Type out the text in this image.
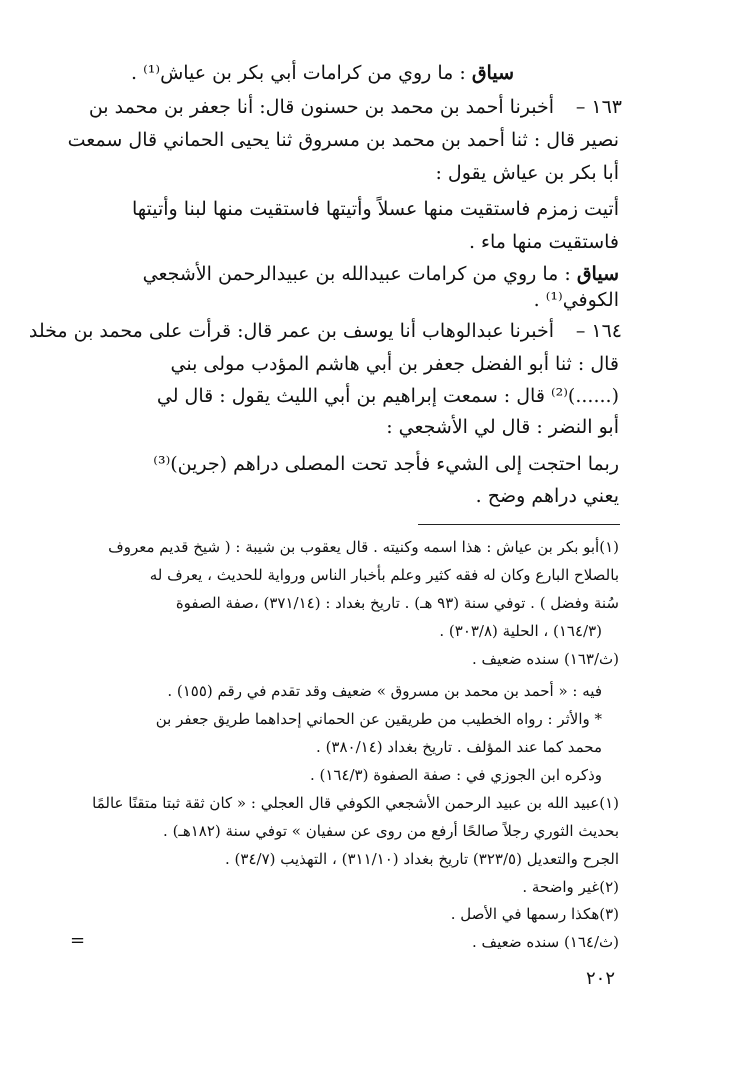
سياق : ما روي من كرامات أبي بكر بن عياش⁽¹⁾ .
١٦٣ –
أخبرنا أحمد بن محمد بن حسنون قال: أنا جعفر بن محمد بن
نصير قال : ثنا أحمد بن محمد بن مسروق ثنا يحيى الحماني قال سمعت
أبا بكر بن عياش يقول :
أتيت زمزم فاستقيت منها عسلاً وأتيتها فاستقيت منها لبنا وأتيتها
فاستقيت منها ماء .
سياق : ما روي من كرامات عبيدالله بن عبيدالرحمن الأشجعي
الكوفي⁽¹⁾ .
١٦٤ –
أخبرنا عبدالوهاب أنا يوسف بن عمر قال: قرأت على محمد بن مخلد
قال : ثنا أبو الفضل جعفر بن أبي هاشم المؤدب مولى بني
(......)⁽²⁾ قال : سمعت إبراهيم بن أبي الليث يقول : قال لي
أبو النضر : قال لي الأشجعي :
ربما احتجت إلى الشيء فأجد تحت المصلى دراهم (جرين)⁽³⁾
يعني دراهم وضح .
(١)أبو بكر بن عياش : هذا اسمه وكنيته . قال يعقوب بن شيبة : ( شيخ قديم معروف
بالصلاح البارع وكان له فقه كثير وعلم بأخبار الناس ورواية للحديث ، يعرف له
سُنة وفضل ) . توفي سنة (٩٣ هـ) . تاريخ بغداد : (٣٧١/١٤) ،صفة الصفوة
(١٦٤/٣) ، الحلية (٣٠٣/٨) .
(ث/١٦٣) سنده ضعيف .
فيه : « أحمد بن محمد بن مسروق » ضعيف وقد تقدم في رقم (١٥٥) .
* والأثر : رواه الخطيب من طريقين عن الحماني إحداهما طريق جعفر بن
محمد كما عند المؤلف . تاريخ بغداد (٣٨٠/١٤) .
وذكره ابن الجوزي في : صفة الصفوة (١٦٤/٣) .
(١)عبيد الله بن عبيد الرحمن الأشجعي الكوفي قال العجلي : « كان ثقة ثبتا متقنًا عالمًا
بحديث الثوري رجلاً صالحًا أرفع من روى عن سفيان » توفي سنة (١٨٢هـ) .
الجرح والتعديل (٣٢٣/٥) تاريخ بغداد (٣١١/١٠) ، التهذيب (٣٤/٧) .
(٢)غير واضحة .
(٣)هكذا رسمها في الأصل .
(ث/١٦٤) سنده ضعيف .
=
٢٠٢
